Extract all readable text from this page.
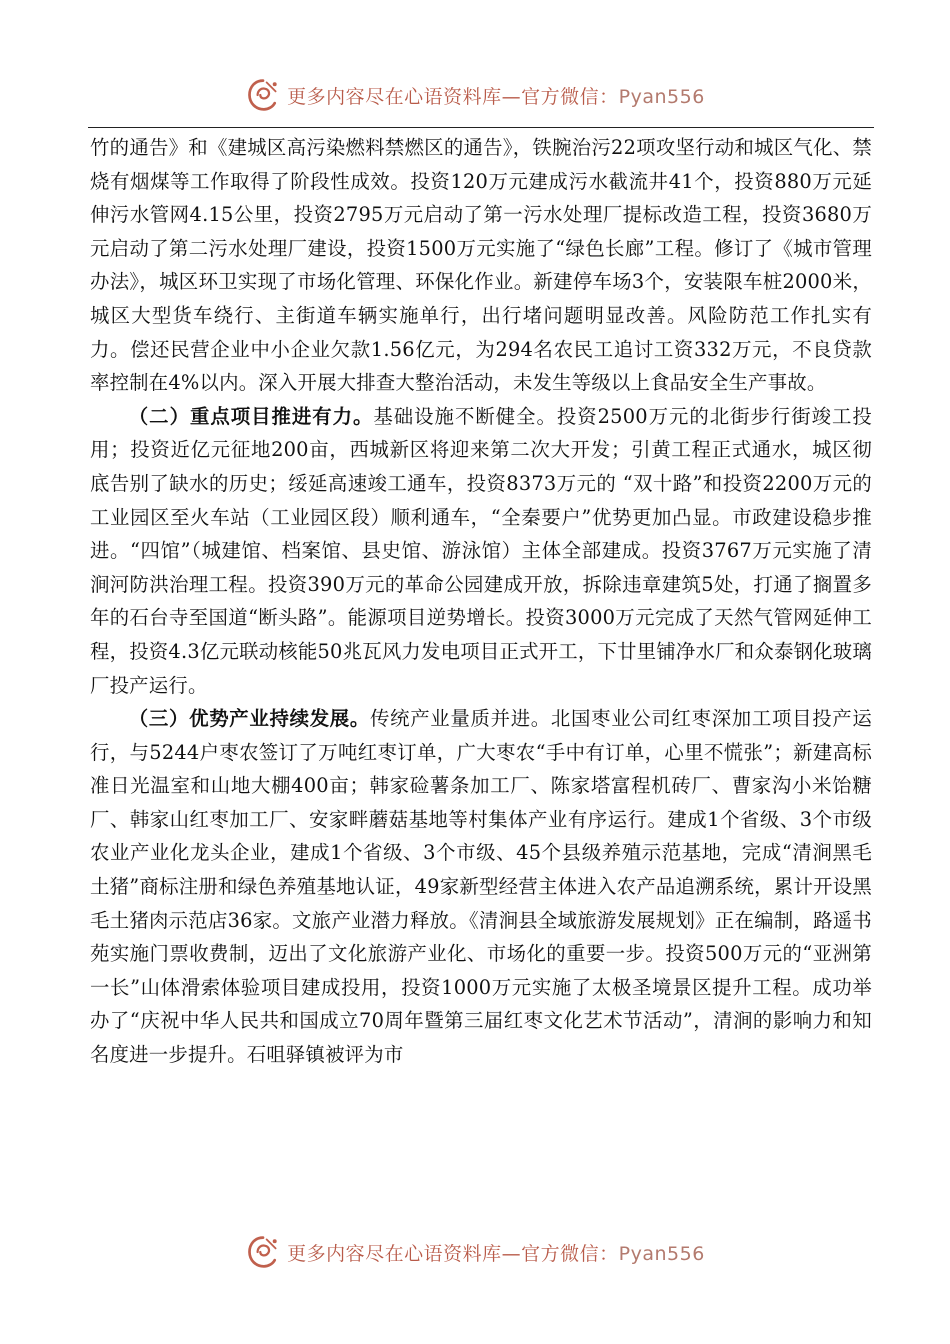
更多内容尽在心语资料库—官方微信：Pyan556

竹的通告》和《建城区高污染燃料禁燃区的通告》，铁腕治污22项攻坚行动和城区气化、禁烧有烟煤等工作取得了阶段性成效。投资120万元建成污水截流井41个，投资880万元延伸污水管网4.15公里，投资2795万元启动了第一污水处理厂提标改造工程，投资3680万元启动了第二污水处理厂建设，投资1500万元实施了“绿色长廊”工程。修订了《城市管理办法》，城区环卫实现了市场化管理、环保化作业。新建停车场3个，安装限车桩2000米，城区大型货车绕行、主街道车辆实施单行，出行堵问题明显改善。风险防范工作扎实有力。偿还民营企业中小企业欠款1.56亿元，为294名农民工追讨工资332万元，不良贷款率控制在4%以内。深入开展大排查大整治活动，未发生等级以上食品安全生产事故。

（二）重点项目推进有力。基础设施不断健全。投资2500万元的北街步行街竣工投用；投资近亿元征地200亩，西城新区将迎来第二次大开发；引黄工程正式通水，城区彻底告别了缺水的历史；绥延高速竣工通车，投资8373万元的 “双十路”和投资2200万元的工业园区至火车站（工业园区段）顺利通车，“全秦要户”优势更加凸显。市政建设稳步推进。“四馆”（城建馆、档案馆、县史馆、游泳馆）主体全部建成。投资3767万元实施了清涧河防洪治理工程。投资390万元的革命公园建成开放，拆除违章建筑5处，打通了搁置多年的石台寺至国道“断头路”。能源项目逆势增长。投资3000万元完成了天然气管网延伸工程，投资4.3亿元联动核能50兆瓦风力发电项目正式开工，下廿里铺净水厂和众泰钢化玻璃厂投产运行。

（三）优势产业持续发展。传统产业量质并进。北国枣业公司红枣深加工项目投产运行，与5244户枣农签订了万吨红枣订单，广大枣农“手中有订单，心里不慌张”；新建高标准日光温室和山地大棚400亩；韩家硷薯条加工厂、陈家塔富程机砖厂、曹家沟小米饴糖厂、韩家山红枣加工厂、安家畔蘑菇基地等村集体产业有序运行。建成1个省级、3个市级农业产业化龙头企业，建成1个省级、3个市级、45个县级养殖示范基地，完成“清涧黑毛土猪”商标注册和绿色养殖基地认证，49家新型经营主体进入农产品追溯系统，累计开设黑毛土猪肉示范店36家。文旅产业潜力释放。《清涧县全域旅游发展规划》正在编制，路遥书苑实施门票收费制，迈出了文化旅游产业化、市场化的重要一步。投资500万元的“亚洲第一长”山体滑索体验项目建成投用，投资1000万元实施了太极圣境景区提升工程。成功举办了“庆祝中华人民共和国成立70周年暨第三届红枣文化艺术节活动”，清涧的影响力和知名度进一步提升。石咀驿镇被评为市

更多内容尽在心语资料库—官方微信：Pyan556
